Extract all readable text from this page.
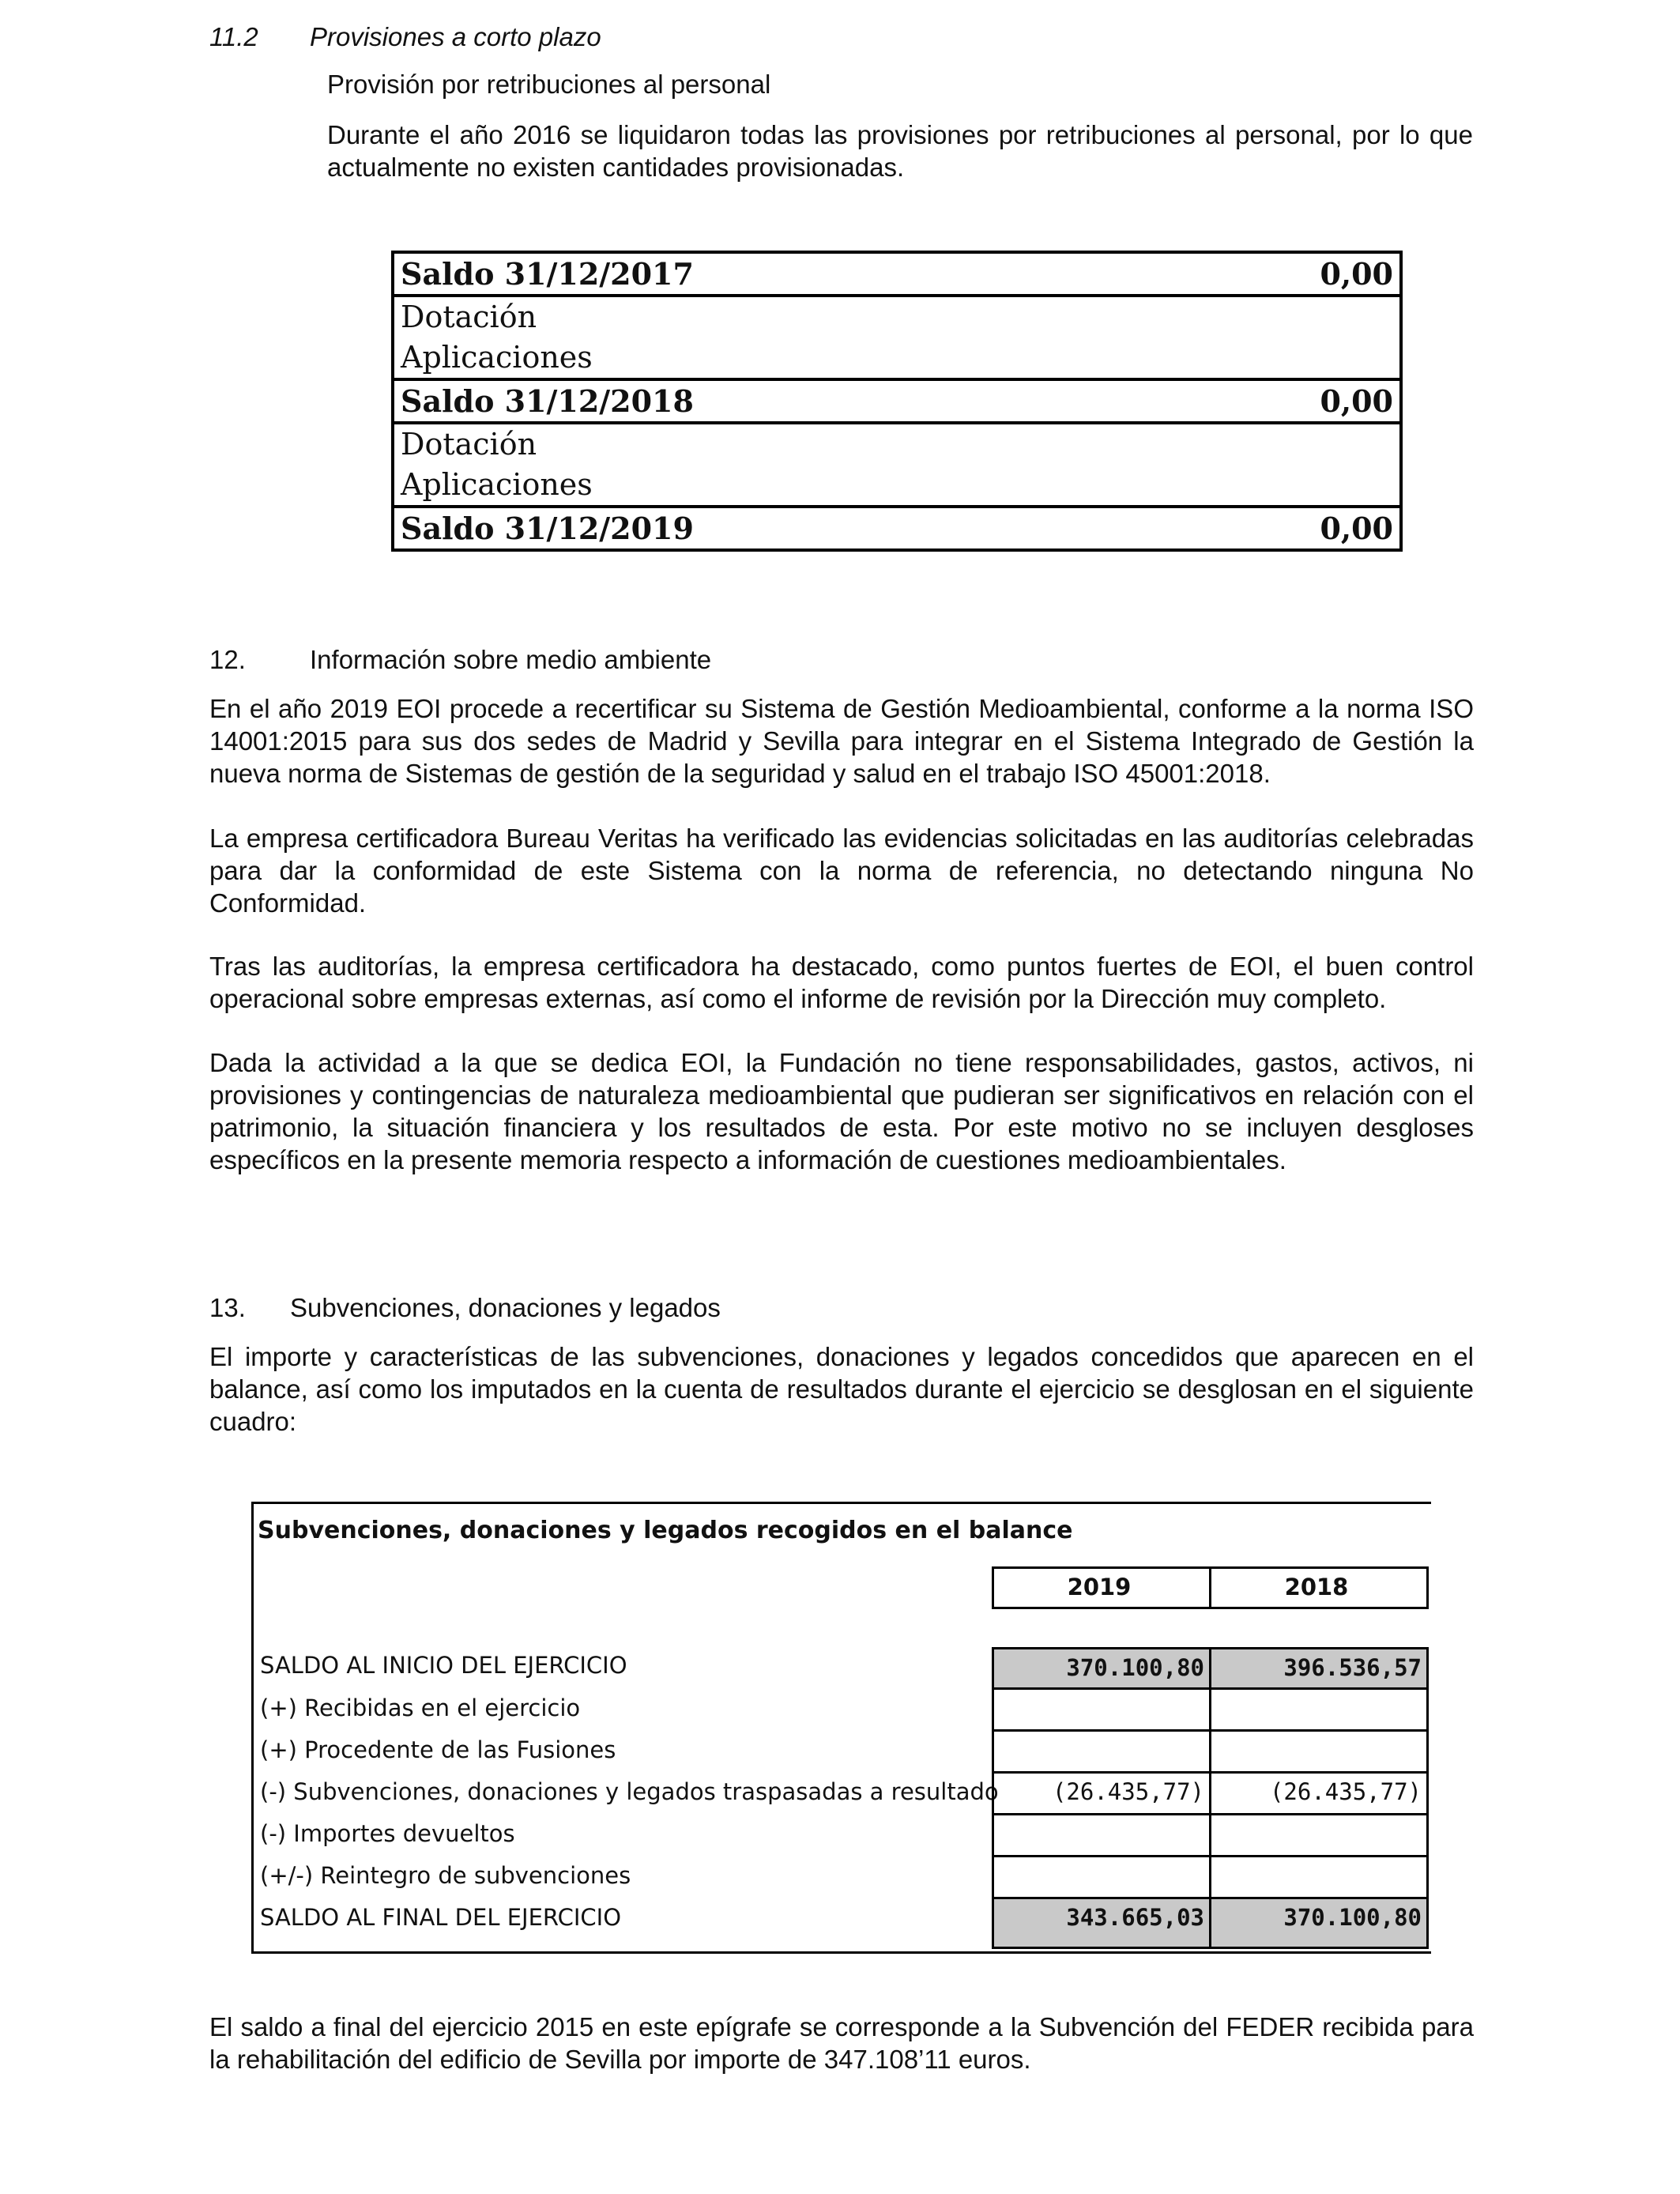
11.2 Provisiones a corto plazo
Provisión por retribuciones al personal
Durante el año 2016 se liquidaron todas las provisiones por retribuciones al personal, por lo que actualmente no existen cantidades provisionadas.
Saldo 31/12/2017	0,00
Dotación	
Aplicaciones	
Saldo 31/12/2018	0,00
Dotación	
Aplicaciones	
Saldo 31/12/2019	0,00
12. Información sobre medio ambiente
En el año 2019 EOI procede a recertificar su Sistema de Gestión Medioambiental, conforme a la norma ISO 14001:2015 para sus dos sedes de Madrid y Sevilla para integrar en el Sistema Integrado de Gestión la nueva norma de Sistemas de gestión de la seguridad y salud en el trabajo ISO 45001:2018.
La empresa certificadora Bureau Veritas ha verificado las evidencias solicitadas en las auditorías celebradas para dar la conformidad de este Sistema con la norma de referencia, no detectando ninguna No Conformidad.
Tras las auditorías, la empresa certificadora ha destacado, como puntos fuertes de EOI, el buen control operacional sobre empresas externas, así como el informe de revisión por la Dirección muy completo.
Dada la actividad a la que se dedica EOI, la Fundación no tiene responsabilidades, gastos, activos, ni provisiones y contingencias de naturaleza medioambiental que pudieran ser significativos en relación con el patrimonio, la situación financiera y los resultados de esta. Por este motivo no se incluyen desgloses específicos en la presente memoria respecto a información de cuestiones medioambientales.
13. Subvenciones, donaciones y legados
El importe y características de las subvenciones, donaciones y legados concedidos que aparecen en el balance, así como los imputados en la cuenta de resultados durante el ejercicio se desglosan en el siguiente cuadro:
Subvenciones, donaciones y legados recogidos en el balance
2019	2018
SALDO AL INICIO DEL EJERCICIO	370.100,80	396.536,57
(+) Recibidas en el ejercicio
(+) Procedente de las Fusiones
(-) Subvenciones, donaciones y legados traspasadas a resultado	(26.435,77)	(26.435,77)
(-) Importes devueltos
(+/-) Reintegro de subvenciones
SALDO AL FINAL DEL EJERCICIO	343.665,03	370.100,80
El saldo a final del ejercicio 2015 en este epígrafe se corresponde a la Subvención del FEDER recibida para la rehabilitación del edificio de Sevilla por importe de 347.108’11 euros.
